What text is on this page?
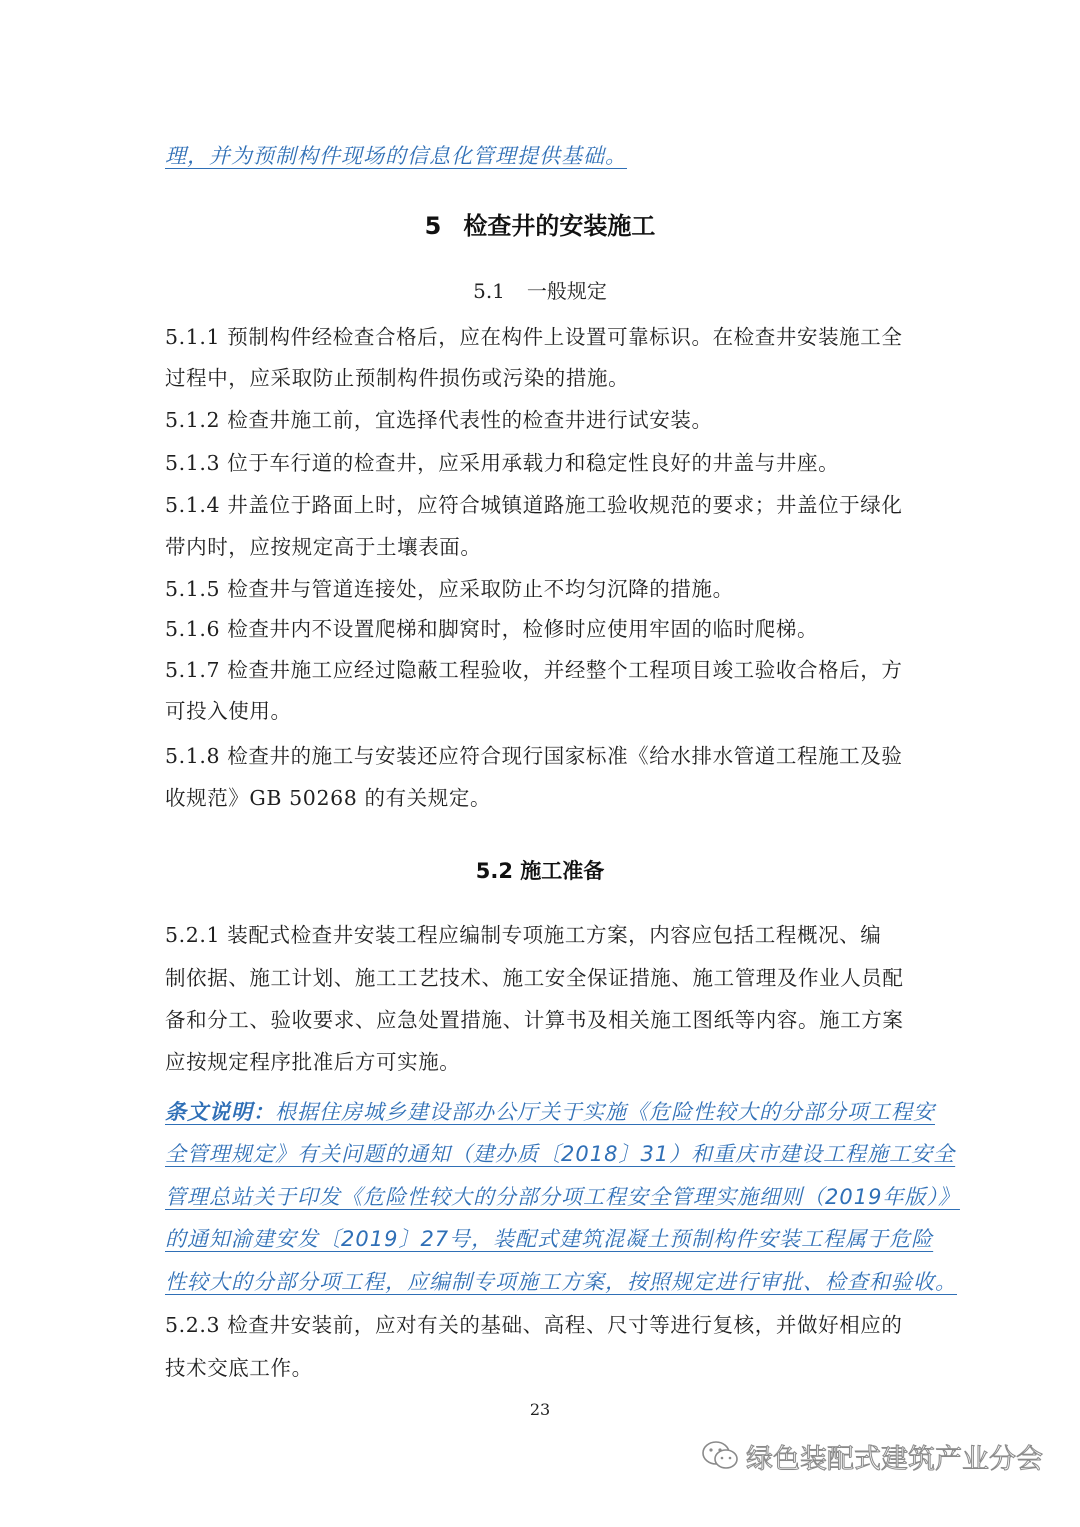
理，并为预制构件现场的信息化管理提供基础。
5 检查井的安装施工
5.1 一般规定
5.1.1 预制构件经检查合格后，应在构件上设置可靠标识。在检查井安装施工全
过程中，应采取防止预制构件损伤或污染的措施。
5.1.2 检查井施工前，宜选择代表性的检查井进行试安装。
5.1.3 位于车行道的检查井，应采用承载力和稳定性良好的井盖与井座。
5.1.4 井盖位于路面上时，应符合城镇道路施工验收规范的要求；井盖位于绿化
带内时，应按规定高于土壤表面。
5.1.5 检查井与管道连接处，应采取防止不均匀沉降的措施。
5.1.6 检查井内不设置爬梯和脚窝时，检修时应使用牢固的临时爬梯。
5.1.7 检查井施工应经过隐蔽工程验收，并经整个工程项目竣工验收合格后，方
可投入使用。
5.1.8 检查井的施工与安装还应符合现行国家标准《给水排水管道工程施工及验
收规范》GB 50268 的有关规定。
5.2 施工准备
5.2.1 装配式检查井安装工程应编制专项施工方案，内容应包括工程概况、编
制依据、施工计划、施工工艺技术、施工安全保证措施、施工管理及作业人员配
备和分工、验收要求、应急处置措施、计算书及相关施工图纸等内容。施工方案
应按规定程序批准后方可实施。
条文说明：根据住房城乡建设部办公厅关于实施《危险性较大的分部分项工程安
全管理规定》有关问题的通知（建办质〔2018〕31）和重庆市建设工程施工安全
管理总站关于印发《危险性较大的分部分项工程安全管理实施细则（2019年版）》
的通知渝建安发〔2019〕27号，装配式建筑混凝土预制构件安装工程属于危险
性较大的分部分项工程，应编制专项施工方案，按照规定进行审批、检查和验收。
5.2.3 检查井安装前，应对有关的基础、高程、尺寸等进行复核，并做好相应的
技术交底工作。
23
绿色装配式建筑产业分会
